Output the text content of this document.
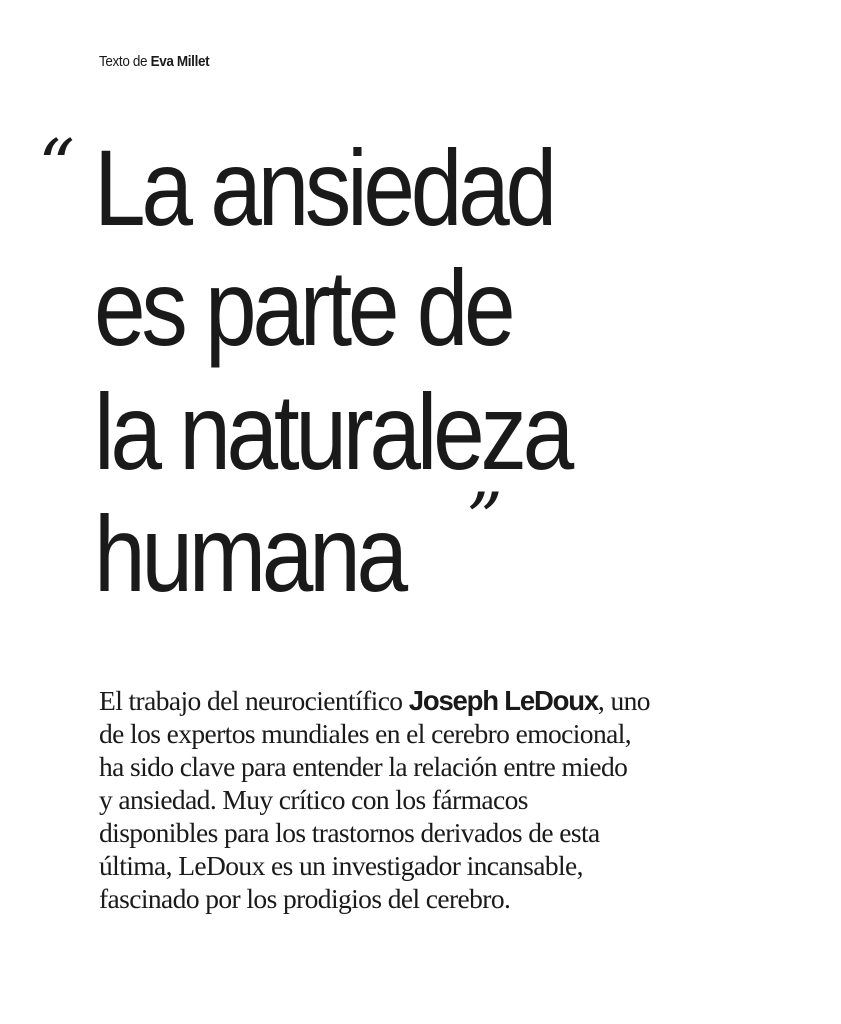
Texto de Eva Millet
“ La ansiedad
es parte de
la naturaleza
humana ”

El trabajo del neurocientífico Joseph LeDoux, uno
de los expertos mundiales en el cerebro emocional,
ha sido clave para entender la relación entre miedo
y ansiedad. Muy crítico con los fármacos
disponibles para los trastornos derivados de esta
última, LeDoux es un investigador incansable,
fascinado por los prodigios del cerebro.
